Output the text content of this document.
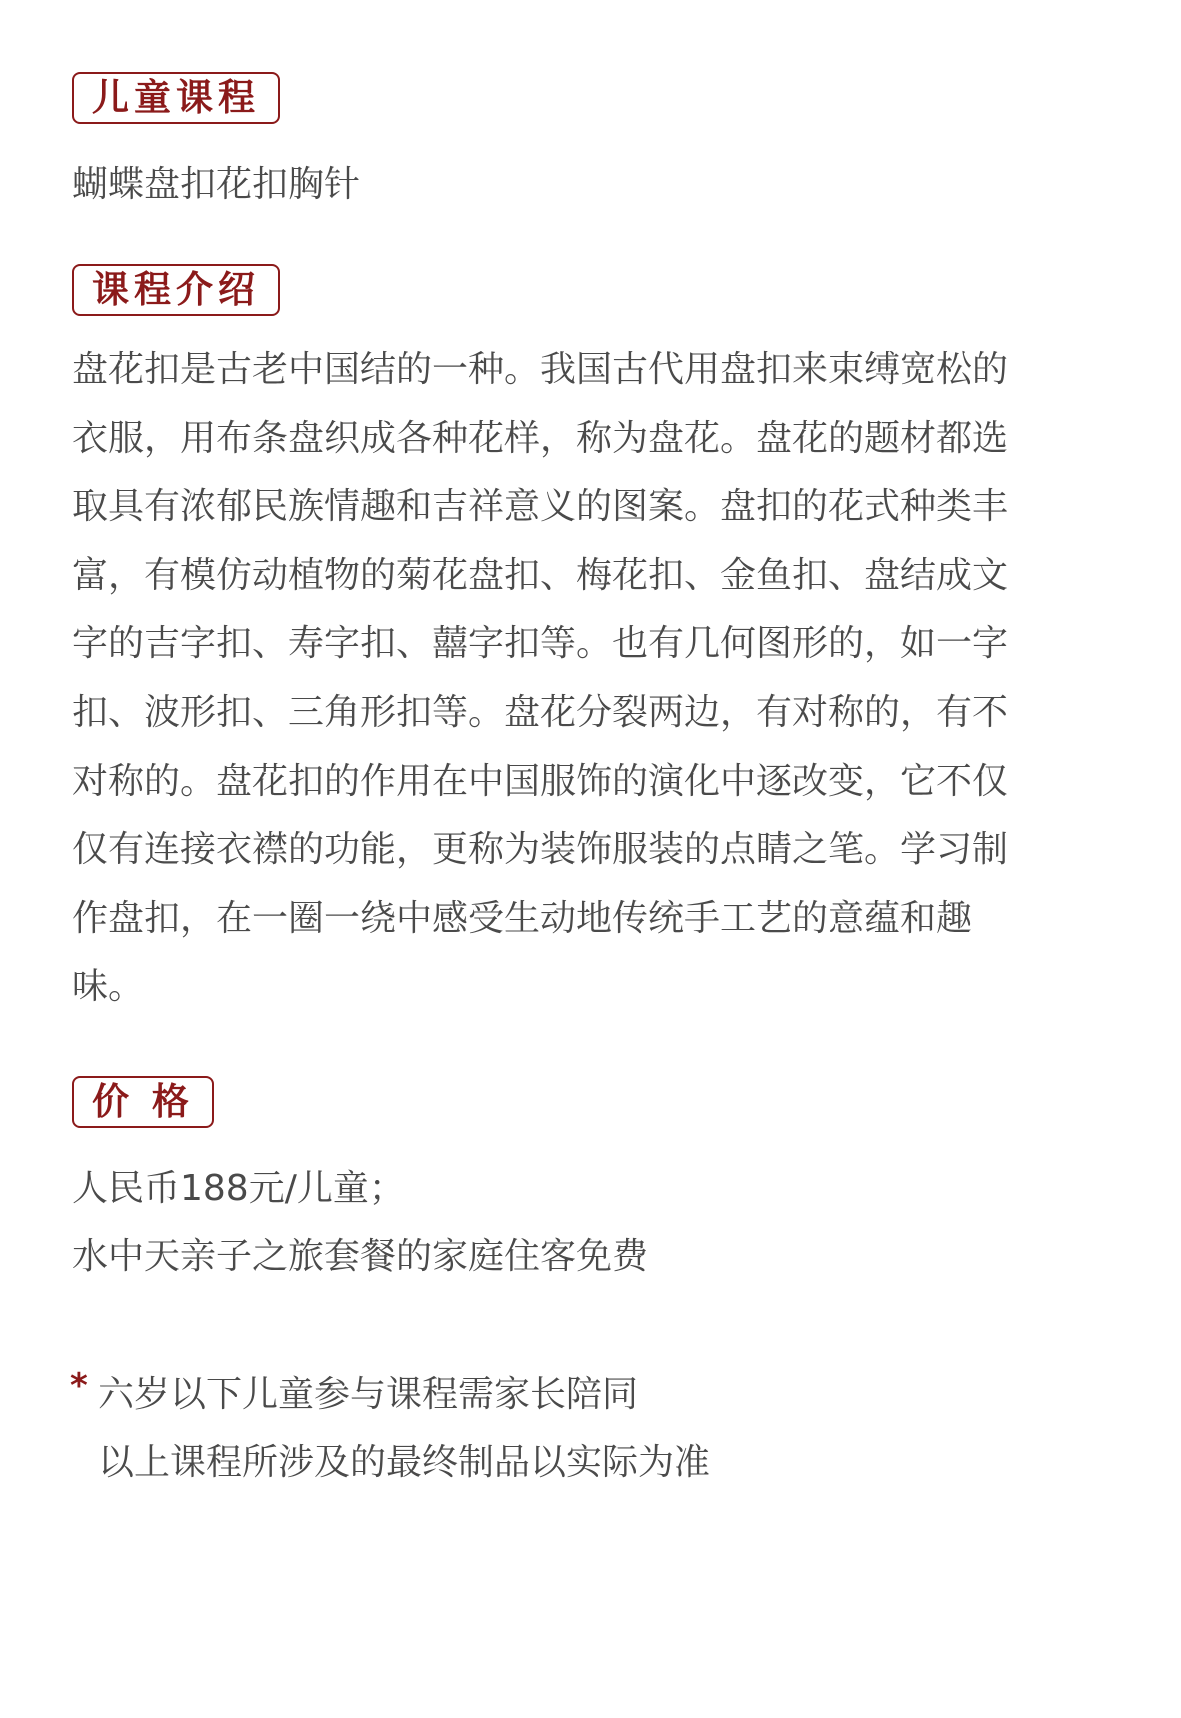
儿童课程
蝴蝶盘扣花扣胸针
课程介绍
盘花扣是古老中国结的一种。我国古代用盘扣来束缚宽松的衣服，用布条盘织成各种花样，称为盘花。盘花的题材都选取具有浓郁民族情趣和吉祥意义的图案。盘扣的花式种类丰富，有模仿动植物的菊花盘扣、梅花扣、金鱼扣、盘结成文字的吉字扣、寿字扣、囍字扣等。也有几何图形的，如一字扣、波形扣、三角形扣等。盘花分裂两边，有对称的，有不对称的。盘花扣的作用在中国服饰的演化中逐改变，它不仅仅有连接衣襟的功能，更称为装饰服装的点睛之笔。学习制作盘扣，在一圈一绕中感受生动地传统手工艺的意蕴和趣味。
价 格
人民币188元/儿童；
水中天亲子之旅套餐的家庭住客免费
* 六岁以下儿童参与课程需家长陪同
以上课程所涉及的最终制品以实际为准
